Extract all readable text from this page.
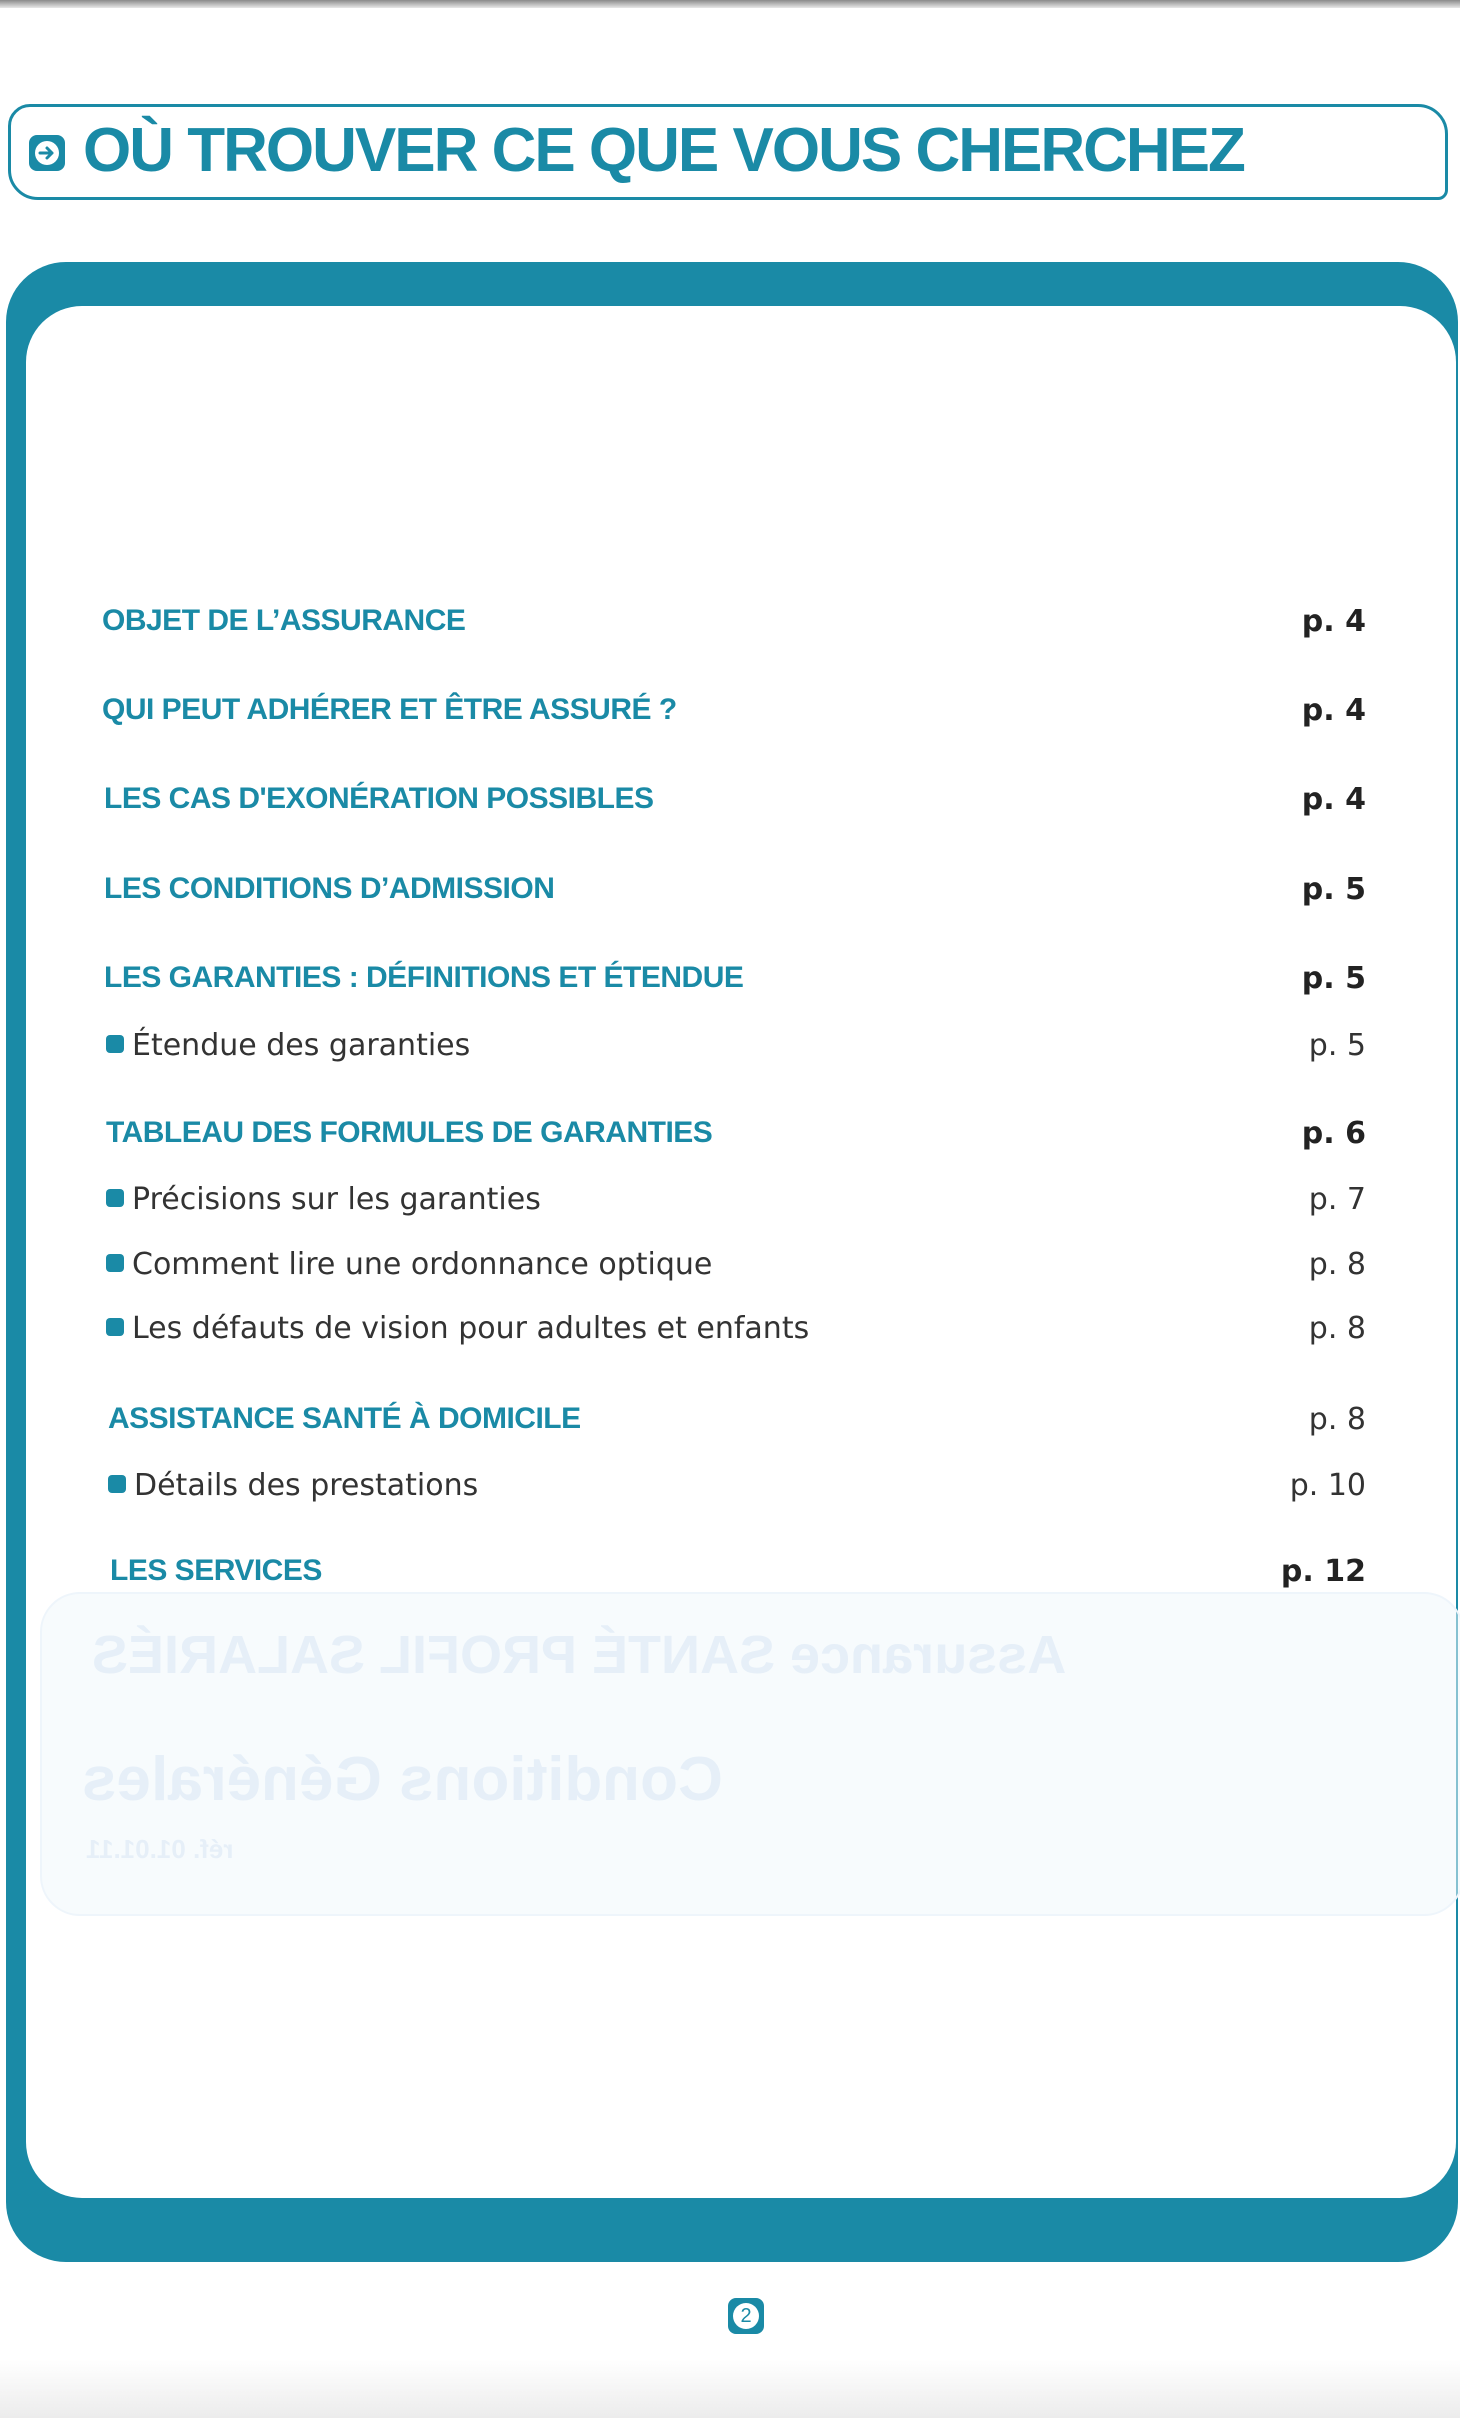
OÙ TROUVER CE QUE VOUS CHERCHEZ
Assurance SANTÉ PROFIL SALARIÉS
Conditions Générales
réf. 01.01.11
OBJET DE L’ASSURANCE	p. 4
QUI PEUT ADHÉRER ET ÊTRE ASSURÉ ?	p. 4
LES CAS D'EXONÉRATION POSSIBLES	p. 4
LES CONDITIONS D’ADMISSION	p. 5
LES GARANTIES : DÉFINITIONS ET ÉTENDUE	p. 5
Étendue des garanties	p. 5
TABLEAU DES FORMULES DE GARANTIES	p. 6
Précisions sur les garanties	p. 7
Comment lire une ordonnance optique	p. 8
Les défauts de vision pour adultes et enfants	p. 8
ASSISTANCE SANTÉ À DOMICILE	p. 8
Détails des prestations	p. 10
LES SERVICES	p. 12
2
